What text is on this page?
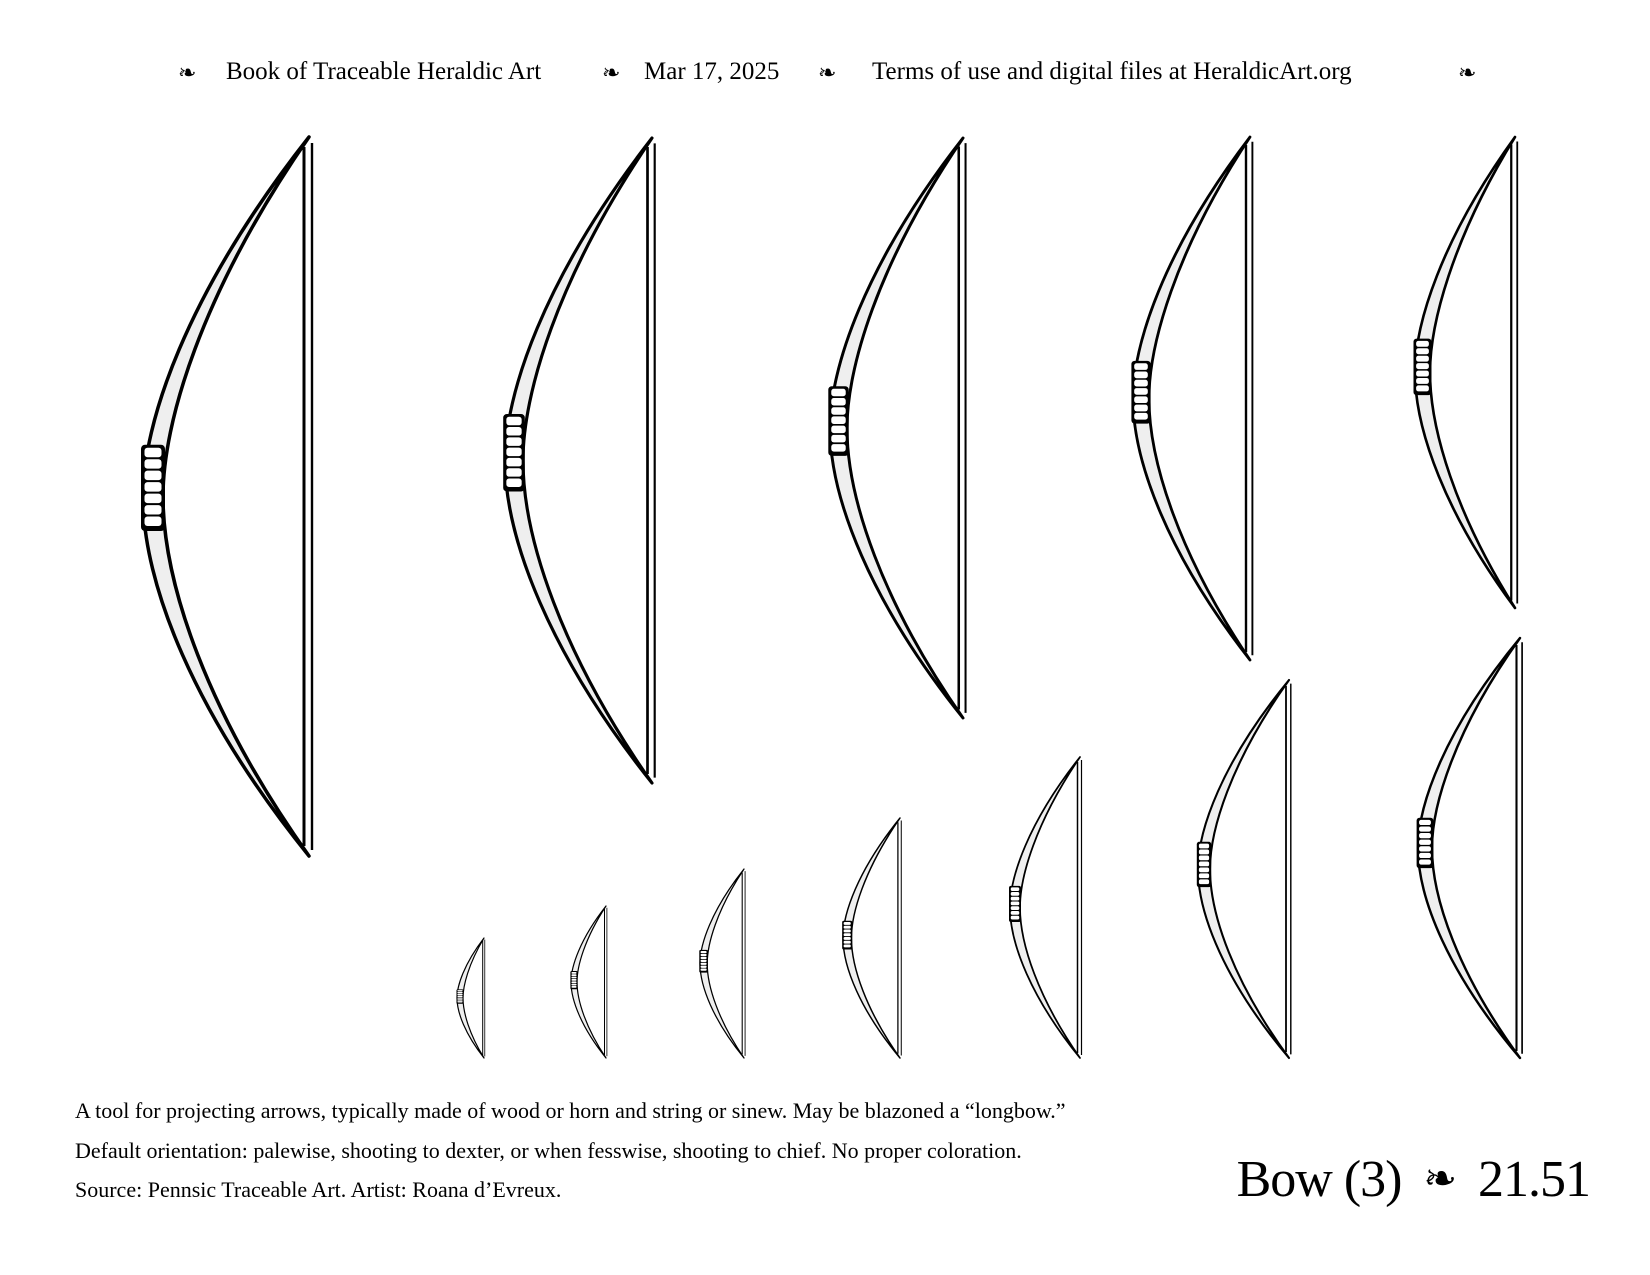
❧ Book of Traceable Heraldic Art	❧ Mar 17, 2025 ❧ Terms of use and digital files at HeraldicArt.org	❧
A tool for projecting arrows, typically made of wood or horn and string or sinew. May be blazoned a “longbow.”
Default orientation: palewise, shooting to dexter, or when fesswise, shooting to chief. No proper coloration.
Source: Pennsic Traceable Art. Artist: Roana d’Evreux.	Bow (3) ❧ 21.51
